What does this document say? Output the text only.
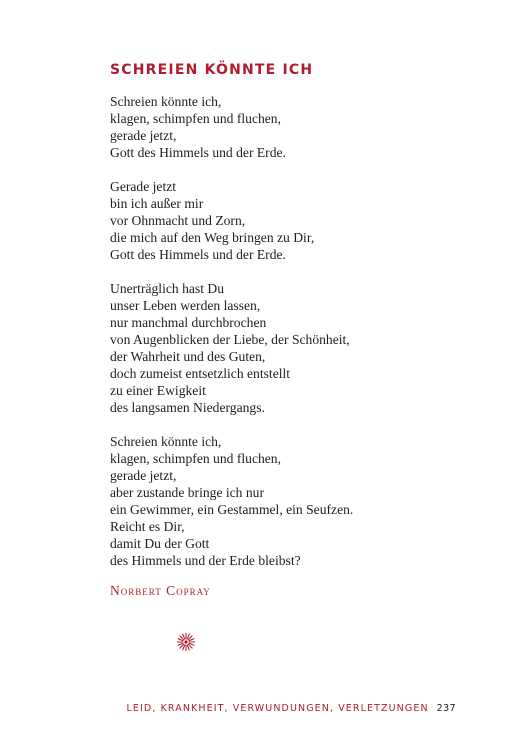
SCHREIEN KÖNNTE ICH

Schreien könnte ich,
klagen, schimpfen und fluchen,
gerade jetzt,
Gott des Himmels und der Erde.

Gerade jetzt
bin ich außer mir
vor Ohnmacht und Zorn,
die mich auf den Weg bringen zu Dir,
Gott des Himmels und der Erde.

Unerträglich hast Du
unser Leben werden lassen,
nur manchmal durchbrochen
von Augenblicken der Liebe, der Schönheit,
der Wahrheit und des Guten,
doch zumeist entsetzlich entstellt
zu einer Ewigkeit
des langsamen Niedergangs.

Schreien könnte ich,
klagen, schimpfen und fluchen,
gerade jetzt,
aber zustande bringe ich nur
ein Gewimmer, ein Gestammel, ein Seufzen.
Reicht es Dir,
damit Du der Gott
des Himmels und der Erde bleibst?

Norbert Copray
LEID, KRANKHEIT, VERWUNDUNGEN, VERLETZUNGEN 237
